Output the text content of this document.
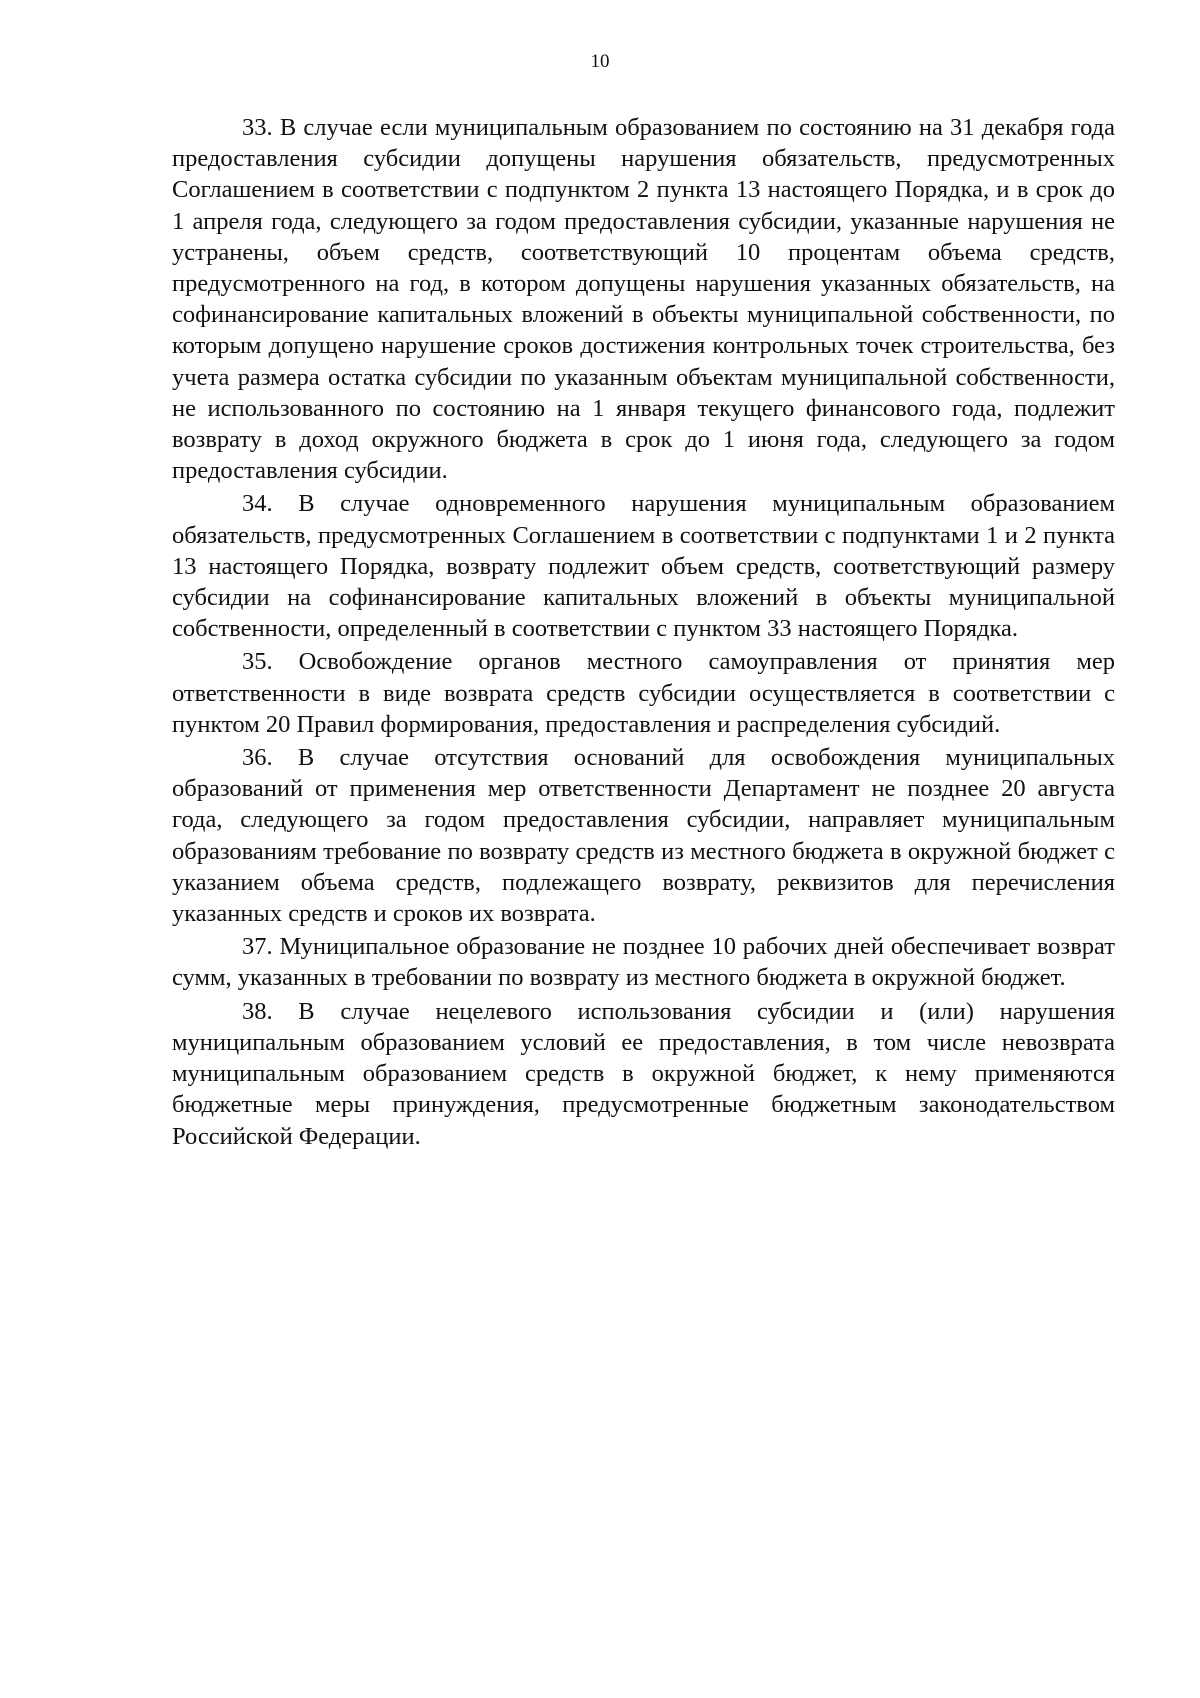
10

33. В случае если муниципальным образованием по состоянию на 31 декабря года предоставления субсидии допущены нарушения обязательств, предусмотренных Соглашением в соответствии с подпунктом 2 пункта 13 настоящего Порядка, и в срок до 1 апреля года, следующего за годом предоставления субсидии, указанные нарушения не устранены, объем средств, соответствующий 10 процентам объема средств, предусмотренного на год, в котором допущены нарушения указанных обязательств, на софинансирование капитальных вложений в объекты муниципальной собственности, по которым допущено нарушение сроков достижения контрольных точек строительства, без учета размера остатка субсидии по указанным объектам муниципальной собственности, не использованного по состоянию на 1 января текущего финансового года, подлежит возврату в доход окружного бюджета в срок до 1 июня года, следующего за годом предоставления субсидии.

34. В случае одновременного нарушения муниципальным образованием обязательств, предусмотренных Соглашением в соответствии с подпунктами 1 и 2 пункта 13 настоящего Порядка, возврату подлежит объем средств, соответствующий размеру субсидии на софинансирование капитальных вложений в объекты муниципальной собственности, определенный в соответствии с пунктом 33 настоящего Порядка.

35. Освобождение органов местного самоуправления от принятия мер ответственности в виде возврата средств субсидии осуществляется в соответствии с пунктом 20 Правил формирования, предоставления и распределения субсидий.

36. В случае отсутствия оснований для освобождения муниципальных образований от применения мер ответственности Департамент не позднее 20 августа года, следующего за годом предоставления субсидии, направляет муниципальным образованиям требование по возврату средств из местного бюджета в окружной бюджет с указанием объема средств, подлежащего возврату, реквизитов для перечисления указанных средств и сроков их возврата.

37. Муниципальное образование не позднее 10 рабочих дней обеспечивает возврат сумм, указанных в требовании по возврату из местного бюджета в окружной бюджет.

38. В случае нецелевого использования субсидии и (или) нарушения муниципальным образованием условий ее предоставления, в том числе невозврата муниципальным образованием средств в окружной бюджет, к нему применяются бюджетные меры принуждения, предусмотренные бюджетным законодательством Российской Федерации.
